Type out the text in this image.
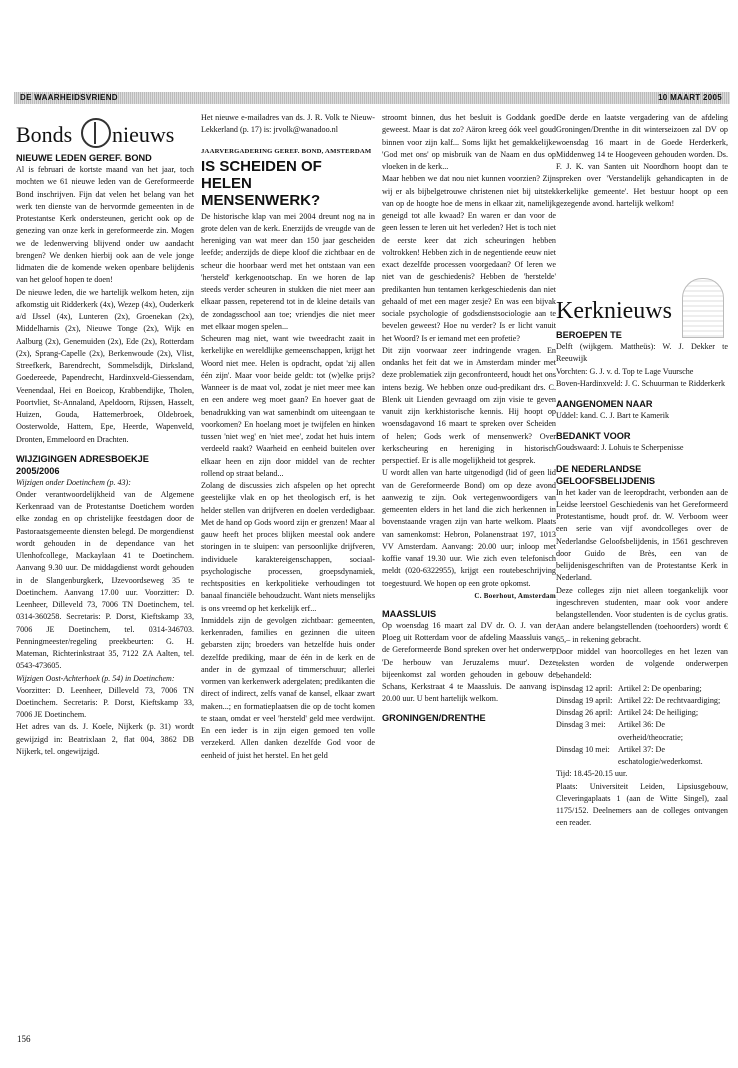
DE WAARHEIDSVRIEND	10 MAART 2005
Bonds nieuws
NIEUWE LEDEN GEREF. BOND

Al is februari de kortste maand van het jaar, toch mochten we 61 nieuwe leden van de Gereformeerde Bond inschrijven. Fijn dat velen het belang van het werk ten dienste van de hervormde gemeenten in de Protestantse Kerk ondersteunen, gericht ook op de genezing van onze kerk in gereformeerde zin. Mogen we de ledenwerving blijvend onder uw aandacht brengen? We denken hierbij ook aan de vele jonge lidmaten die de komende weken openbare belijdenis van het geloof hopen te doen!

De nieuwe leden, die we hartelijk welkom heten, zijn afkomstig uit Ridderkerk (4x), Wezep (4x), Ouderkerk a/d IJssel (4x), Lunteren (2x), Groenekan (2x), Middelharnis (2x), Nieuwe Tonge (2x), Wijk en Aalburg (2x), Genemuiden (2x), Ede (2x), Rotterdam (2x), Sprang-Capelle (2x), Berkenwoude (2x), Vlist, Streefkerk, Barendrecht, Sommelsdijk, Dirksland, Goedereede, Papendrecht, Hardinxveld-Giessendam, Veenendaal, Hei en Boeicop, Krabbendijke, Tholen, Poortvliet, St-Annaland, Apeldoorn, Rijssen, Hasselt, Huizen, Gouda, Hattemerbroek, Oldebroek, Oosterwolde, Hattem, Epe, Heerde, Wapenveld, Dronten, Emmeloord en Drachten.

WIJZIGINGEN ADRESBOEKJE 2005/2006

Wijzigen onder Doetinchem (p. 43):

Onder verantwoordelijkheid van de Algemene Kerkenraad van de Protestantse Doetichem worden elke zondag en op christelijke feestdagen door de Pastoraatsgemeente diensten belegd. De morgendienst wordt gehouden in de dependance van het Ulenhofcollege, Mackaylaan 41 te Doetinchem. Aanvang 9.30 uur. De middagdienst wordt gehouden in de Slangenburgkerk, IJzevoordseweg 35 te Doetinchem. Aanvang 17.00 uur. Voorzitter: D. Leenheer, Dilleveld 73, 7006 TN Doetinchem, tel. 0314-360258. Secretaris: P. Dorst, Kieftskamp 33, 7006 JE Doetinchem, tel. 0314-346703. Penningmeester/regeling preekbeurten: G. H. Mateman, Richterinkstraat 35, 7122 ZA Aalten, tel. 0543-473605.

Wijzigen Oost-Achterhoek (p. 54) in Doetinchem:

Voorzitter: D. Leenheer, Dilleveld 73, 7006 TN Doetinchem. Secretaris: P. Dorst, Kieftskamp 33, 7006 JE Doetinchem.

Het adres van ds. J. Koele, Nijkerk (p. 31) wordt gewijzigd in: Beatrixlaan 2, flat 004, 3862 DB Nijkerk, tel. ongewijzigd.

Het nieuwe e-mailadres van ds. J. R. Volk te Nieuw-Lekkerland (p. 17) is: jrvolk@wanadoo.nl

JAARVERGADERING GEREF. BOND, AMSTERDAM
IS SCHEIDEN OF HELEN MENSENWERK?

De historische klap van mei 2004 dreunt nog na in grote delen van de kerk. Enerzijds de vreugde van de hereniging van wat meer dan 150 jaar gescheiden leefde; anderzijds de diepe kloof die zichtbaar en de scheur die hoorbaar werd met het ontstaan van een 'hersteld' kerkgenootschap. En we horen de lap steeds verder scheuren in stukken die niet meer aan elkaar passen, repeterend tot in de kleine details van de zondagsschool aan toe; vriendjes die niet meer met elkaar mogen spelen...

Scheuren mag niet, want wie tweedracht zaait in kerkelijke en wereldlijke gemeenschappen, krijgt het Woord niet mee. Helen is opdracht, opdat 'zij allen één zijn'. Maar voor beide geldt: tot (w)elke prijs? Wanneer is de maat vol, zodat je niet meer mee kan en een andere weg moet gaan? En hoever gaat de benadrukking van wat samenbindt om uiteengaan te voorkomen? En hoelang moet je twijfelen en hinken tussen 'niet weg' en 'niet mee', zodat het huis intern verdeeld raakt? Waarheid en eenheid buitelen over elkaar heen en zijn door middel van de rechter rollend op straat beland...

Zolang de discussies zich afspelen op het oprecht geestelijke vlak en op het theologisch erf, is het helder stellen van drijfveren en doelen verdedigbaar. Met de hand op Gods woord zijn er grenzen! Maar al gauw heeft het proces blijken meestal ook andere storingen in te sluipen: van persoonlijke drijfveren, individuele karaktereigenschappen, sociaal-psychologische processen, groepsdynamiek, rechtsposities en kerkpolitieke verhoudingen tot banaal financiële behoudzucht. Want niets menselijks is ons vreemd op het kerkelijk erf...

Inmiddels zijn de gevolgen zichtbaar: gemeenten, kerkenraden, families en gezinnen die uiteen gebarsten zijn; broeders van hetzelfde huis onder dezelfde prediking, maar de één in de kerk en de ander in de gymzaal of timmerschuur; allerlei vormen van kerkenwerk adergelaten; predikanten die direct of indirect, zelfs vanaf de kansel, elkaar zwart maken...; en formatieplaatsen die op de tocht komen te staan, omdat er veel 'hersteld' geld mee verdwijnt. En een ieder is in zijn eigen gemoed ten volle verzekerd. Allen danken dezelfde God voor de eenheid of juist het herstel. En het geld

stroomt binnen, dus het besluit is Goddank goed geweest. Maar is dat zo? Aäron kreeg óók veel goud binnen voor zijn kalf... Soms lijkt het gemakkelijke 'God met ons' op misbruik van de Naam en dus op vloeken in de kerk...

Maar hebben we dat nou niet kunnen voorzien? Zijn wij er als bijbelgetrouwe christenen niet bij uitstek van op de hoogte hoe de mens in elkaar zit, namelijk geneigd tot alle kwaad? En waren er dan voor de geen lessen te leren uit het verleden? Het is toch niet de eerste keer dat zich scheuringen hebben voltrokken! Hebben zich in de negentiende eeuw niet exact dezelfde processen voorgedaan? Of leren we niet van de geschiedenis? Hebben de 'herstelde' predikanten hun tentamen kerkgeschiedenis dan niet gehaald of met een mager zesje? En was een bijvak sociale psychologie of godsdienstsociologie aan te bevelen geweest? Hoe nu verder? Is er licht vanuit het Woord? Is er iemand met een profetie?

Dit zijn voorwaar zeer indringende vragen. En ondanks het feit dat we in Amsterdam minder met deze problematiek zijn geconfronteerd, houdt het ons intens bezig. We hebben onze oud-predikant drs. C. Blenk uit Lienden gevraagd om zijn visie te geven vanuit zijn kerkhistorische kennis. Hij hoopt op woensdagavond 16 maart te spreken over Scheiden of helen; Gods werk of mensenwerk? Over kerkscheuring en hereniging in historisch perspectief. Er is alle mogelijkheid tot gesprek.

U wordt allen van harte uitgenodigd (lid of geen lid van de Gereformeerde Bond) om op deze avond aanwezig te zijn. Ook vertegenwoordigers van gemeenten elders in het land die zich herkennen in bovenstaande vragen zijn van harte welkom. Plaats van samenkomst: Hebron, Polanenstraat 197, 1013 VV Amsterdam. Aanvang: 20.00 uur; inloop met koffie vanaf 19.30 uur. Wie zich even telefonisch meldt (020-6322955), krijgt een routebeschrijving toegestuurd. We hopen op een grote opkomst.

C. Boerhout, Amsterdam
MAASSLUIS

Op woensdag 16 maart zal DV dr. O. J. van der Ploeg uit Rotterdam voor de afdeling Maassluis van de Gereformeerde Bond spreken over het onderwerp 'De herbouw van Jeruzalems muur'. Deze bijeenkomst zal worden gehouden in gebouw de Schans, Kerkstraat 4 te Maassluis. De aanvang is 20.00 uur. U bent hartelijk welkom.

GRONINGEN/DRENTHE

De derde en laatste vergadering van de afdeling Groningen/Drenthe in dit winterseizoen zal DV op woensdag 16 maart in de Goede Herderkerk, Middenweg 14 te Hoogeveen gehouden worden. Ds. F. J. K. van Santen uit Noordhorn hoopt dan te spreken over 'Verstandelijk gehandicapten in de kerkelijke gemeente'. Het bestuur hoopt op een gezegende avond. hartelijk welkom!

Kerknieuws
BEROEPEN TE

Delft (wijkgem. Mattheüs): W. J. Dekker te Reeuwijk

Vorchten: G. J. v. d. Top te Lage Vuursche

Boven-Hardinxveld: J. C. Schuurman te Ridderkerk

AANGENOMEN NAAR

Uddel: kand. C. J. Bart te Kamerik

BEDANKT VOOR

Goudswaard: J. Lohuis te Scherpenisse

DE NEDERLANDSE GELOOFSBELIJDENIS

In het kader van de leeropdracht, verbonden aan de Leidse leerstoel Geschiedenis van het Gereformeerd Protestantisme, houdt prof. dr. W. Verboom weer een serie van vijf avondcolleges over de Nederlandse Geloofsbelijdenis, in 1561 geschreven door Guido de Brès, een van de belijdenisgeschriften van de Protestantse Kerk in Nederland.

Deze colleges zijn niet alleen toegankelijk voor ingeschreven studenten, maar ook voor andere belangstellenden. Voor studenten is de cyclus gratis. Aan andere belangstellenden (toehoorders) wordt € 65,– in rekening gebracht.

Door middel van hoorcolleges en het lezen van teksten worden de volgende onderwerpen behandeld:

Dinsdag 12 april: Artikel 2: De openbaring;
Dinsdag 19 april: Artikel 22: De rechtvaardiging;
Dinsdag 26 april: Artikel 24: De heiliging;
Dinsdag 3 mei:	Artikel 36: De overheid/theocratie;
Dinsdag 10 mei:	Artikel 37: De eschatologie/wederkomst.

Tijd: 18.45-20.15 uur.

Plaats: Universiteit Leiden, Lipsiusgebouw, Cleveringaplaats 1 (aan de Witte Singel), zaal 1175/152. Deelnemers aan de colleges ontvangen een reader.

156
